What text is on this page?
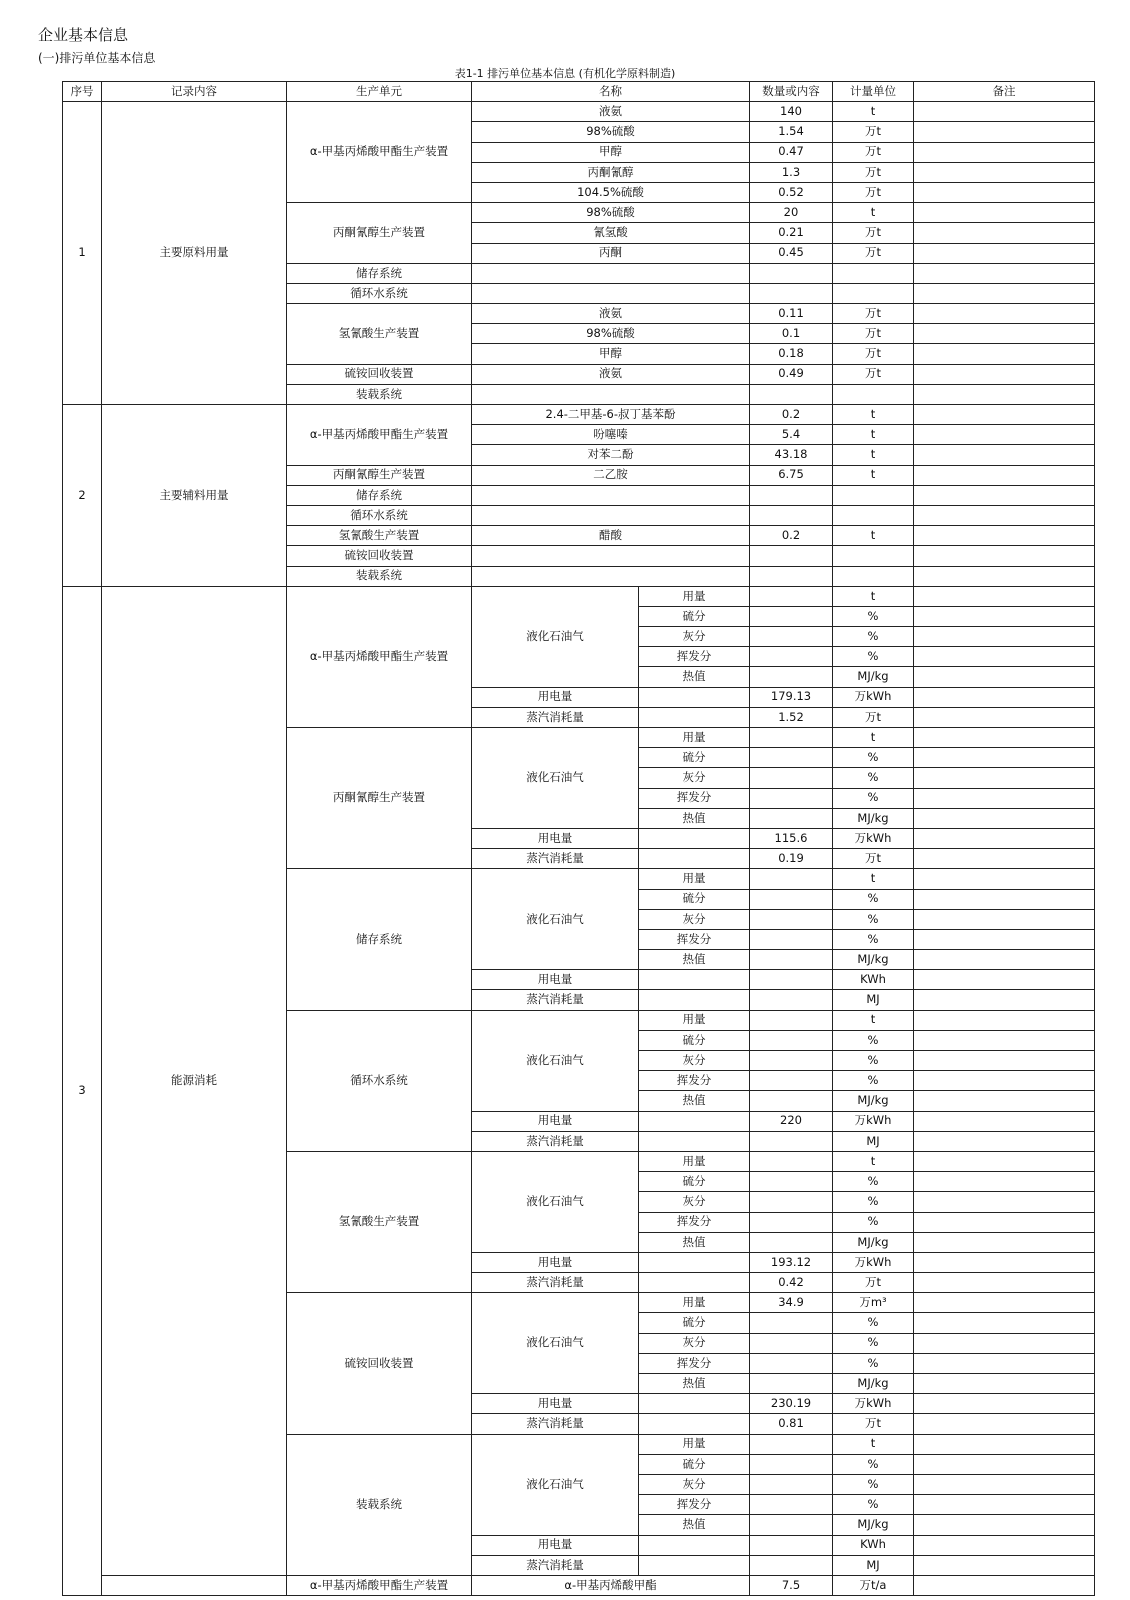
企业基本信息
(一)排污单位基本信息
表1-1 排污单位基本信息 (有机化学原料制造)
序号	记录内容	生产单元	名称		数量或内容	计量单位	备注
1	主要原料用量	α-甲基丙烯酸甲酯生产装置	液氨		140	t	
			98%硫酸		1.54	万t	
			甲醇		0.47	万t	
			丙酮氰醇		1.3	万t	
			104.5%硫酸		0.52	万t	
		丙酮氰醇生产装置	98%硫酸		20	t	
			氰氢酸		0.21	万t	
			丙酮		0.45	万t	
		储存系统					
		循环水系统					
		氢氰酸生产装置	液氨		0.11	万t	
			98%硫酸		0.1	万t	
			甲醇		0.18	万t	
		硫铵回收装置	液氨		0.49	万t	
		装载系统					
2	主要辅料用量	α-甲基丙烯酸甲酯生产装置	2.4-二甲基-6-叔丁基苯酚		0.2	t	
			吩噻嗪		5.4	t	
			对苯二酚		43.18	t	
		丙酮氰醇生产装置	二乙胺		6.75	t	
		储存系统					
		循环水系统					
		氢氰酸生产装置	醋酸		0.2	t	
		硫铵回收装置					
		装载系统					
3	能源消耗	α-甲基丙烯酸甲酯生产装置	液化石油气	用量		t	
				硫分		%	
				灰分		%	
				挥发分		%	
				热值		MJ/kg	
			用电量		179.13	万kWh	
			蒸汽消耗量		1.52	万t	
		丙酮氰醇生产装置	液化石油气	用量		t	
				硫分		%	
				灰分		%	
				挥发分		%	
				热值		MJ/kg	
			用电量		115.6	万kWh	
			蒸汽消耗量		0.19	万t	
		储存系统	液化石油气	用量		t	
				硫分		%	
				灰分		%	
				挥发分		%	
				热值		MJ/kg	
			用电量			KWh	
			蒸汽消耗量			MJ	
		循环水系统	液化石油气	用量		t	
				硫分		%	
				灰分		%	
				挥发分		%	
				热值		MJ/kg	
			用电量		220	万kWh	
			蒸汽消耗量			MJ	
		氢氰酸生产装置	液化石油气	用量		t	
				硫分		%	
				灰分		%	
				挥发分		%	
				热值		MJ/kg	
			用电量		193.12	万kWh	
			蒸汽消耗量		0.42	万t	
		硫铵回收装置	液化石油气	用量	34.9	万m³	
				硫分		%	
				灰分		%	
				挥发分		%	
				热值		MJ/kg	
			用电量		230.19	万kWh	
			蒸汽消耗量		0.81	万t	
		装载系统	液化石油气	用量		t	
				硫分		%	
				灰分		%	
				挥发分		%	
				热值		MJ/kg	
			用电量			KWh	
			蒸汽消耗量			MJ	
		α-甲基丙烯酸甲酯生产装置	α-甲基丙烯酸甲酯		7.5	万t/a	
